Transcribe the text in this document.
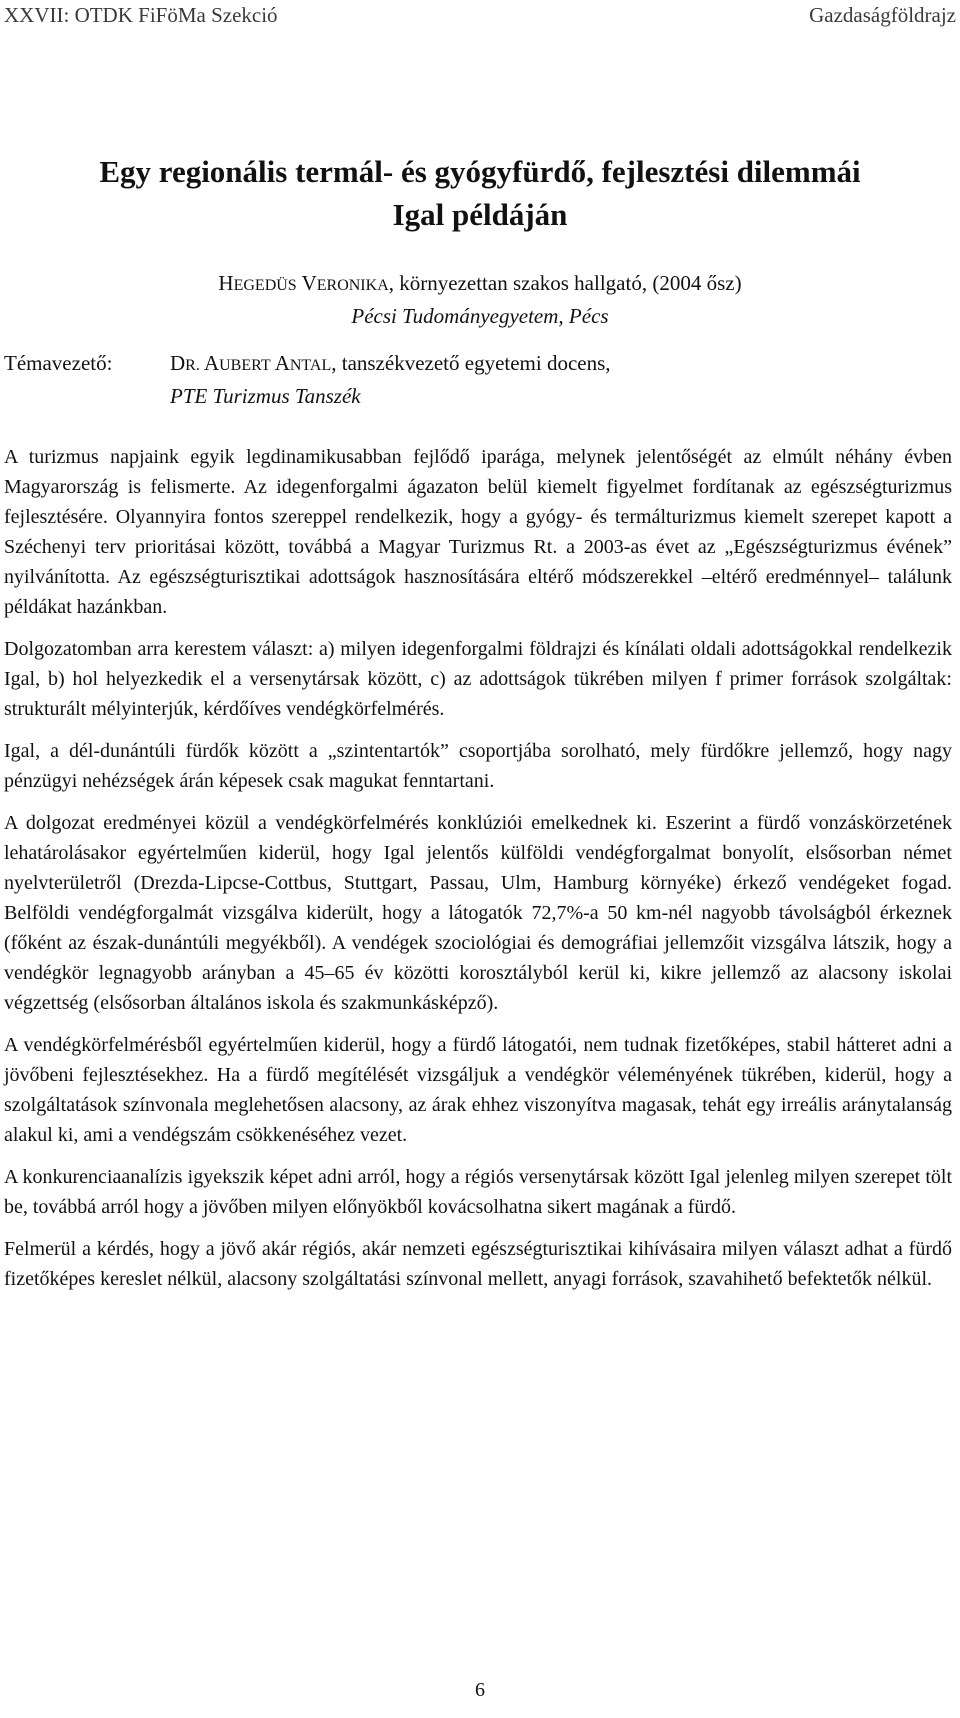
XXVII: OTDK FiFöMa Szekció	Gazdaságföldrajz
Egy regionális termál- és gyógyfürdő, fejlesztési dilemmái
Igal példáján
HEGEDÜS VERONIKA, környezettan szakos hallgató, (2004 ősz)
Pécsi Tudományegyetem, Pécs
Témavezető:	DR. AUBERT ANTAL, tanszékvezető egyetemi docens,
PTE Turizmus Tanszék

A turizmus napjaink egyik legdinamikusabban fejlődő iparága, melynek jelentőségét az elmúlt néhány évben Magyarország is felismerte. Az idegenforgalmi ágazaton belül kiemelt figyelmet fordítanak az egészségturizmus fejlesztésére. Olyannyira fontos szereppel rendelkezik, hogy a gyógy- és termálturizmus kiemelt szerepet kapott a Széchenyi terv prioritásai között, továbbá a Magyar Turizmus Rt. a 2003-as évet az „Egészségturizmus évének” nyilvánította. Az egészségturisztikai adottságok hasznosítására eltérő módszerekkel –eltérő eredménnyel– találunk példákat hazánkban.

Dolgozatomban arra kerestem választ: a) milyen idegenforgalmi földrajzi és kínálati oldali adottságokkal rendelkezik Igal, b) hol helyezkedik el a versenytársak között, c) az adottságok tükrében milyen f primer források szolgáltak: strukturált mélyinterjúk, kérdőíves vendégkörfelmérés.

Igal, a dél-dunántúli fürdők között a „szintentartók” csoportjába sorolható, mely fürdőkre jellemző, hogy nagy pénzügyi nehézségek árán képesek csak magukat fenntartani.

A dolgozat eredményei közül a vendégkörfelmérés konklúziói emelkednek ki. Eszerint a fürdő vonzáskörzetének lehatárolásakor egyértelműen kiderül, hogy Igal jelentős külföldi vendégforgalmat bonyolít, elsősorban német nyelvterületről (Drezda-Lipcse-Cottbus, Stuttgart, Passau, Ulm, Hamburg környéke) érkező vendégeket fogad. Belföldi vendégforgalmát vizsgálva kiderült, hogy a látogatók 72,7%-a 50 km-nél nagyobb távolságból érkeznek (főként az észak-dunántúli megyékből). A vendégek szociológiai és demográfiai jellemzőit vizsgálva látszik, hogy a vendégkör legnagyobb arányban a 45–65 év közötti korosztályból kerül ki, kikre jellemző az alacsony iskolai végzettség (elsősorban általános iskola és szakmunkásképző).

A vendégkörfelmérésből egyértelműen kiderül, hogy a fürdő látogatói, nem tudnak fizetőképes, stabil hátteret adni a jövőbeni fejlesztésekhez. Ha a fürdő megítélését vizsgáljuk a vendégkör véleményének tükrében, kiderül, hogy a szolgáltatások színvonala meglehetősen alacsony, az árak ehhez viszonyítva magasak, tehát egy irreális aránytalanság alakul ki, ami a vendégszám csökkenéséhez vezet.

A konkurenciaanalízis igyekszik képet adni arról, hogy a régiós versenytársak között Igal jelenleg milyen szerepet tölt be, továbbá arról hogy a jövőben milyen előnyökből kovácsolhatna sikert magának a fürdő.

Felmerül a kérdés, hogy a jövő akár régiós, akár nemzeti egészségturisztikai kihívásaira milyen választ adhat a fürdő fizetőképes kereslet nélkül, alacsony szolgáltatási színvonal mellett, anyagi források, szavahihető befektetők nélkül.

6
